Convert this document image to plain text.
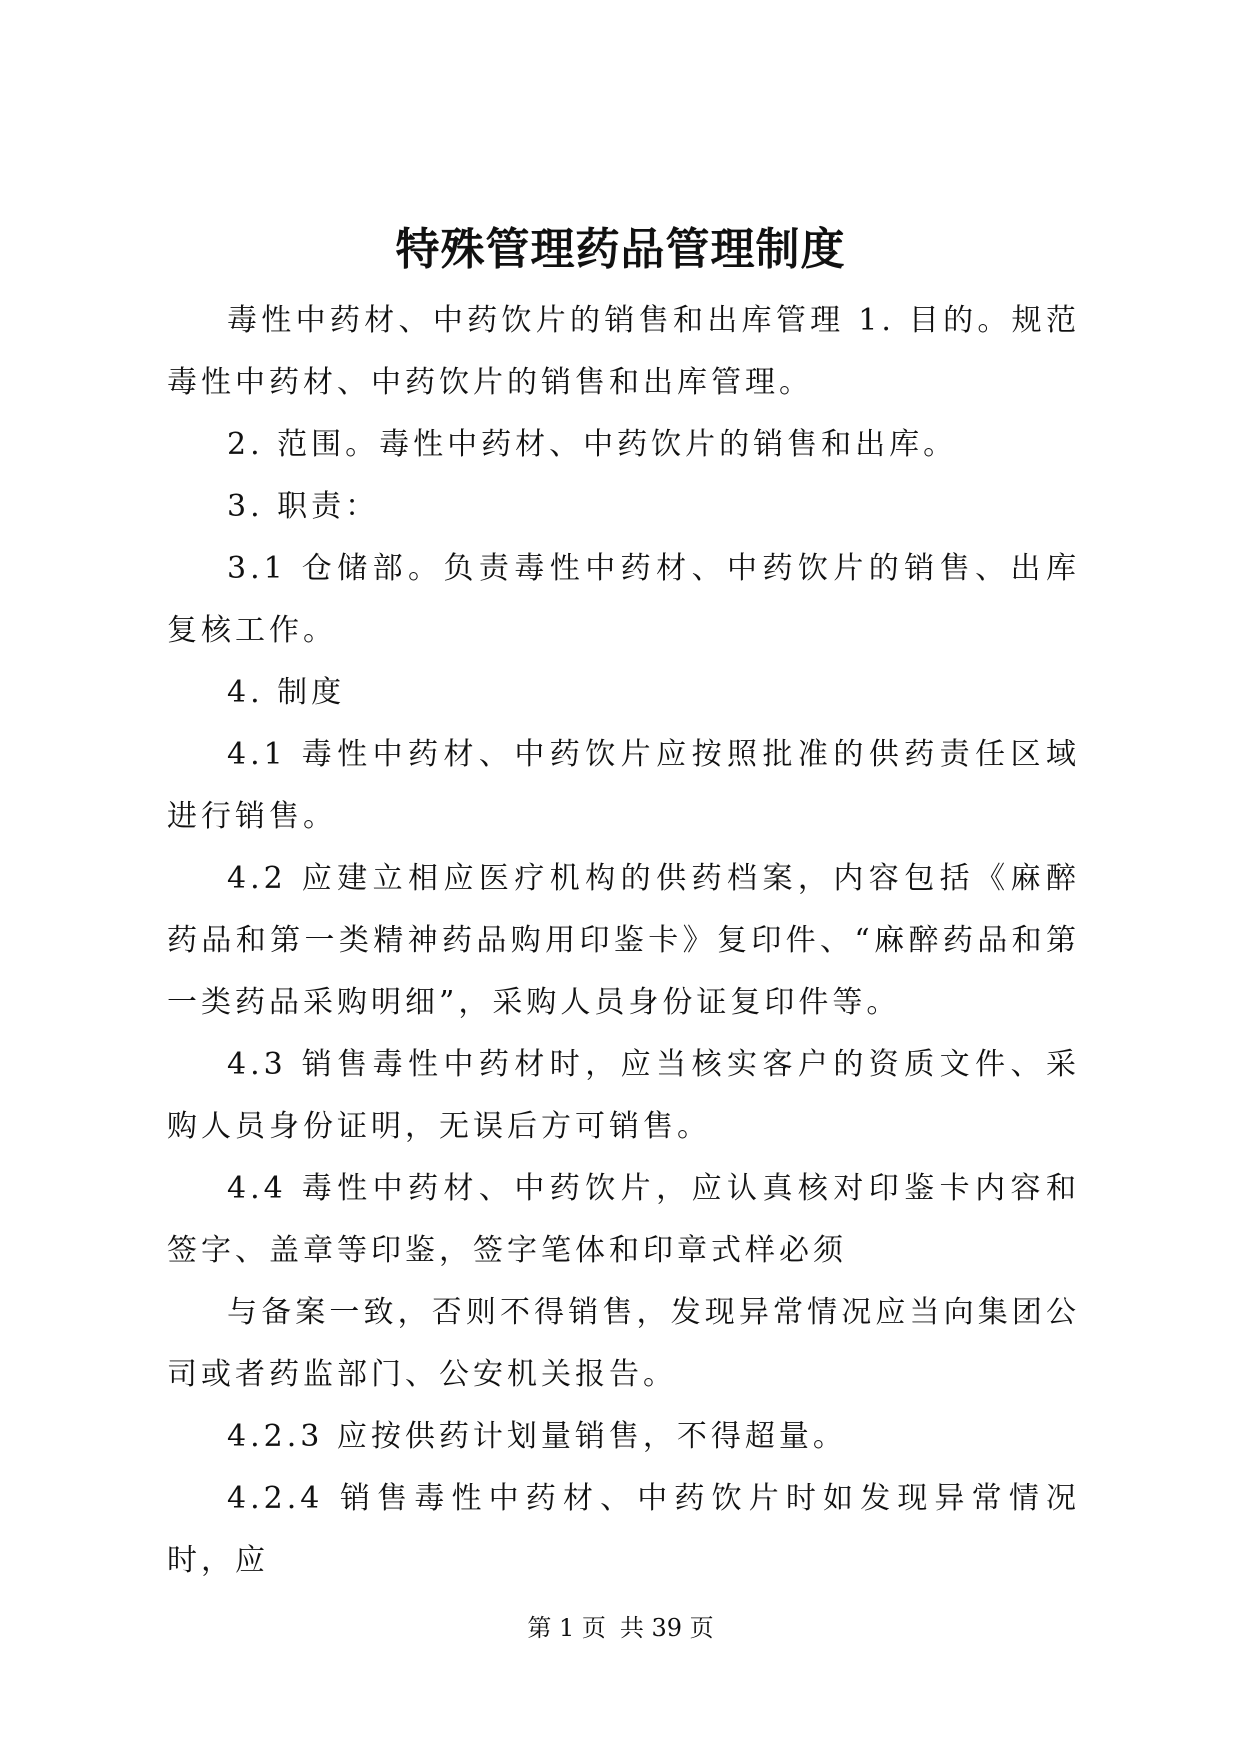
特殊管理药品管理制度

毒性中药材、中药饮片的销售和出库管理 1. 目的。规范毒性中药材、中药饮片的销售和出库管理。

2. 范围。毒性中药材、中药饮片的销售和出库。

3. 职责：

3.1 仓储部。负责毒性中药材、中药饮片的销售、出库复核工作。

4. 制度

4.1 毒性中药材、中药饮片应按照批准的供药责任区域进行销售。

4.2 应建立相应医疗机构的供药档案，内容包括《麻醉药品和第一类精神药品购用印鉴卡》复印件、“麻醉药品和第一类药品采购明细”，采购人员身份证复印件等。

4.3 销售毒性中药材时，应当核实客户的资质文件、采购人员身份证明，无误后方可销售。

4.4 毒性中药材、中药饮片，应认真核对印鉴卡内容和签字、盖章等印鉴，签字笔体和印章式样必须

与备案一致，否则不得销售，发现异常情况应当向集团公司或者药监部门、公安机关报告。

4.2.3 应按供药计划量销售，不得超量。

4.2.4 销售毒性中药材、中药饮片时如发现异常情况时，应

第 1 页 共 39 页
